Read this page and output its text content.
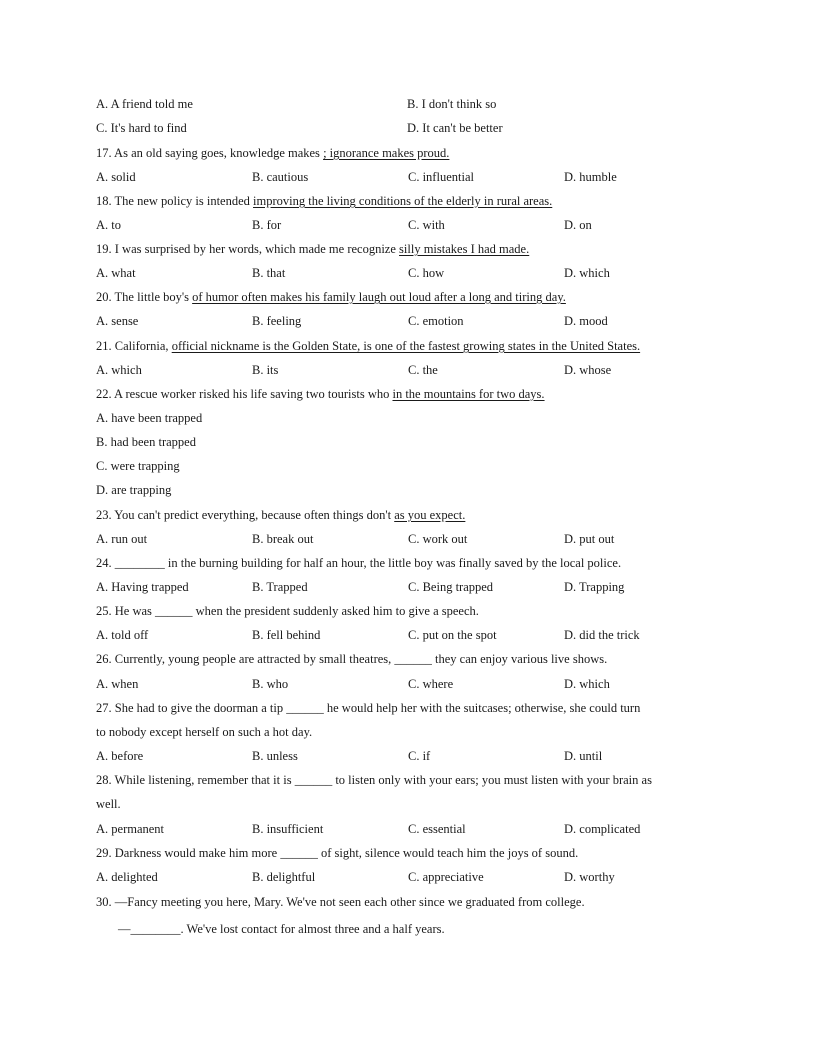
A. A friend told me	B. I don't think so
C. It's hard to find	D. It can't be better
17. As an old saying goes, knowledge makes ; ignorance makes proud.
A. solid	B. cautious	C. influential	D. humble
18. The new policy is intended improving the living conditions of the elderly in rural areas.
A. to	B. for	C. with	D. on
19. I was surprised by her words, which made me recognize silly mistakes I had made.
A. what	B. that	C. how	D. which
20. The little boy's of humor often makes his family laugh out loud after a long and tiring day.
A. sense	B. feeling	C. emotion	D. mood
21. California, official nickname is the Golden State, is one of the fastest growing states in the United States.
A. which	B. its	C. the	D. whose
22. A rescue worker risked his life saving two tourists who in the mountains for two days.
A. have been trapped
B. had been trapped
C. were trapping
D. are trapping
23. You can't predict everything, because often things don't as you expect.
A. run out	B. break out	C. work out	D. put out
24. ________ in the burning building for half an hour, the little boy was finally saved by the local police.
A. Having trapped	B. Trapped	C. Being trapped	D. Trapping
25. He was ______ when the president suddenly asked him to give a speech.
A. told off	B. fell behind	C. put on the spot	D. did the trick
26. Currently, young people are attracted by small theatres, ______ they can enjoy various live shows.
A. when	B. who	C. where	D. which
27. She had to give the doorman a tip ______ he would help her with the suitcases; otherwise, she could turn
to nobody except herself on such a hot day.
A. before	B. unless	C. if	D. until
28. While listening, remember that it is ______ to listen only with your ears; you must listen with your brain as
well.
A. permanent	B. insufficient	C. essential	D. complicated
29. Darkness would make him more ______ of sight, silence would teach him the joys of sound.
A. delighted	B. delightful	C. appreciative	D. worthy
30. —Fancy meeting you here, Mary. We've not seen each other since we graduated from college.
—________. We've lost contact for almost three and a half years.
